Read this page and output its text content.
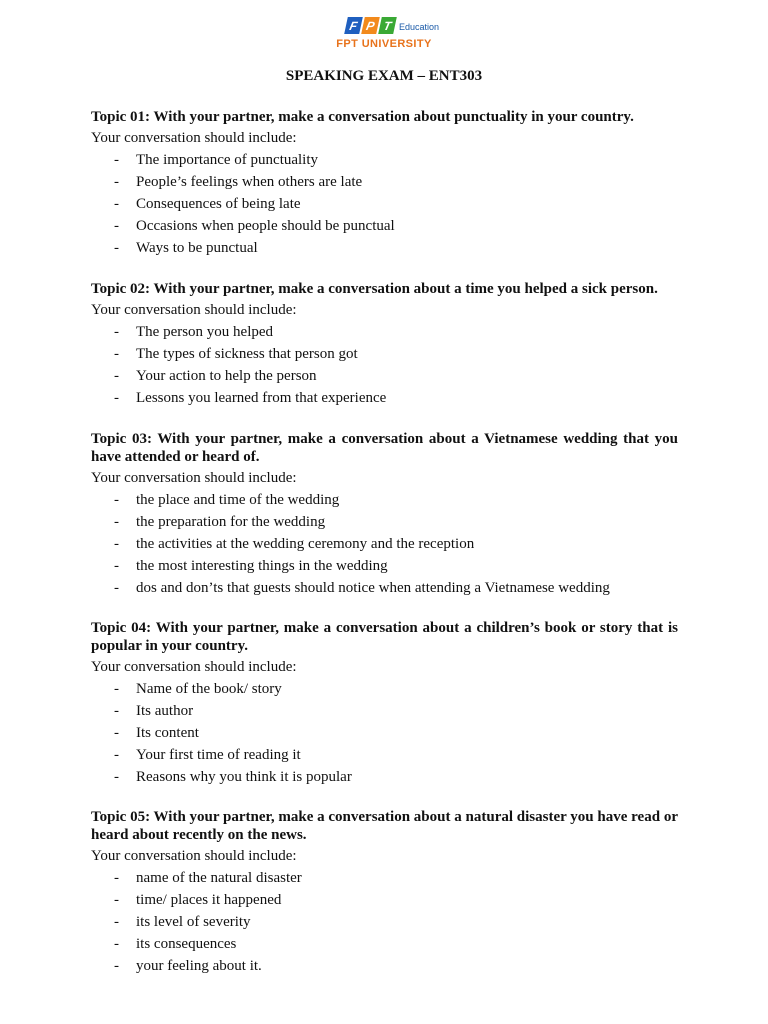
F P T Education
FPT UNIVERSITY
SPEAKING EXAM – ENT303

Topic 01: With your partner, make a conversation about punctuality in your country.

Your conversation should include:

- The importance of punctuality
- People’s feelings when others are late
- Consequences of being late
- Occasions when people should be punctual
- Ways to be punctual

Topic 02: With your partner, make a conversation about a time you helped a sick person.

Your conversation should include:

- The person you helped
- The types of sickness that person got
- Your action to help the person
- Lessons you learned from that experience

Topic 03: With your partner, make a conversation about a Vietnamese wedding that you have attended or heard of.

Your conversation should include:

- the place and time of the wedding
- the preparation for the wedding
- the activities at the wedding ceremony and the reception
- the most interesting things in the wedding
- dos and don’ts that guests should notice when attending a Vietnamese wedding

Topic 04: With your partner, make a conversation about a children’s book or story that is popular in your country.

Your conversation should include:

- Name of the book/ story
- Its author
- Its content
- Your first time of reading it
- Reasons why you think it is popular

Topic 05: With your partner, make a conversation about a natural disaster you have read or heard about recently on the news.

Your conversation should include:

- name of the natural disaster
- time/ places it happened
- its level of severity
- its consequences
- your feeling about it.
